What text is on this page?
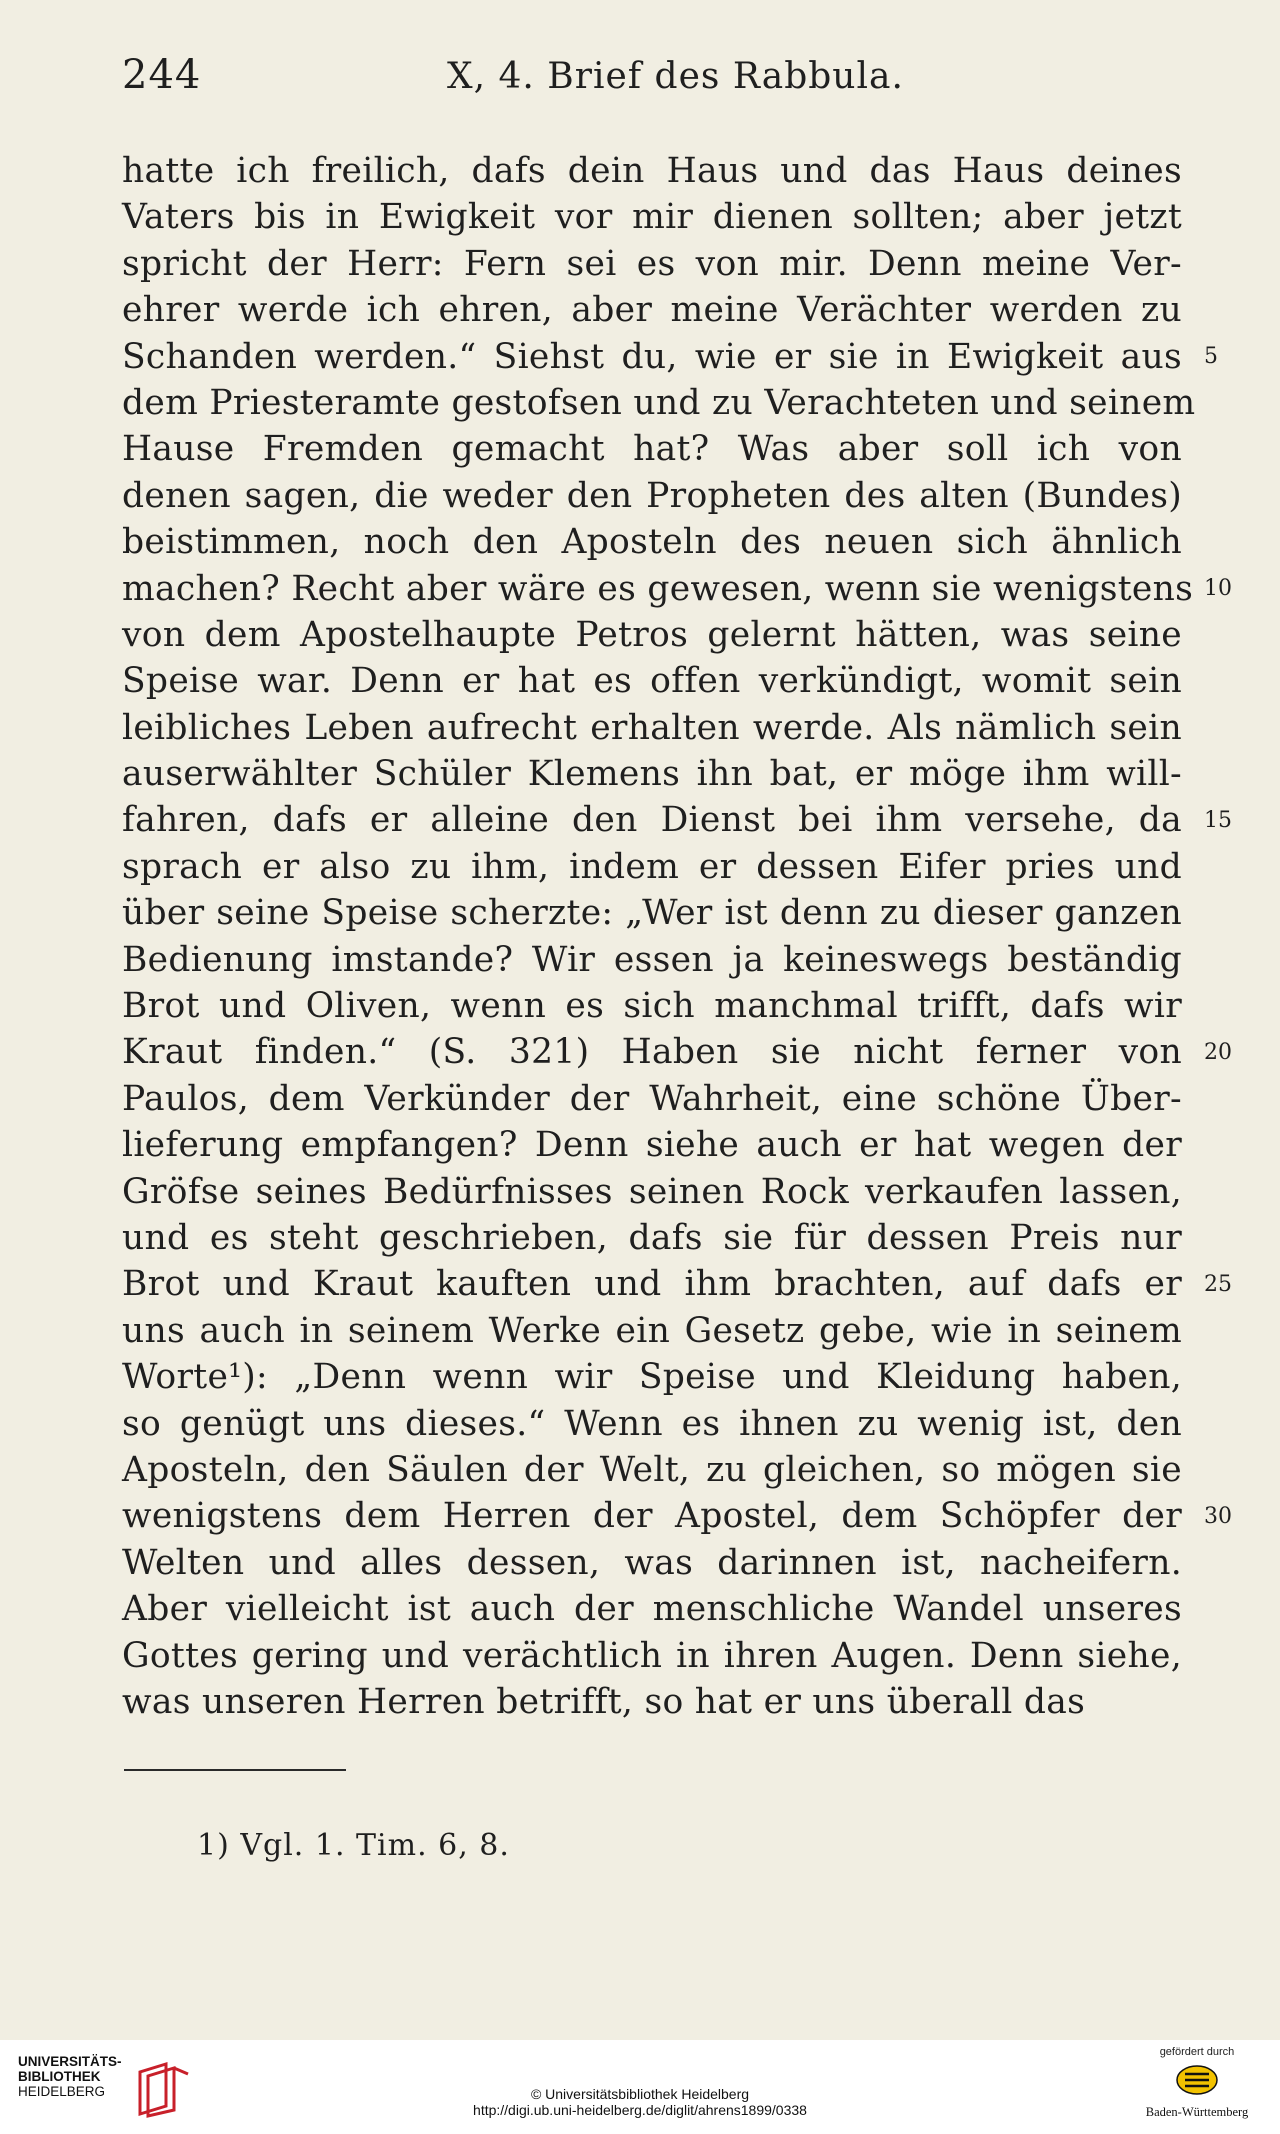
244	X, 4. Brief des Rabbula.
hatte ich freilich, dafs dein Haus und das Haus deines
Vaters bis in Ewigkeit vor mir dienen sollten; aber jetzt
spricht der Herr: Fern sei es von mir. Denn meine Ver-
ehrer werde ich ehren, aber meine Verächter werden zu
Schanden werden.“ Siehst du, wie er sie in Ewigkeit aus
dem Priesteramte gestofsen und zu Verachteten und seinem
Hause Fremden gemacht hat? Was aber soll ich von
denen sagen, die weder den Propheten des alten (Bundes)
beistimmen, noch den Aposteln des neuen sich ähnlich
machen? Recht aber wäre es gewesen, wenn sie wenigstens
von dem Apostelhaupte Petros gelernt hätten, was seine
Speise war. Denn er hat es offen verkündigt, womit sein
leibliches Leben aufrecht erhalten werde. Als nämlich sein
auserwählter Schüler Klemens ihn bat, er möge ihm will-
fahren, dafs er alleine den Dienst bei ihm versehe, da
sprach er also zu ihm, indem er dessen Eifer pries und
über seine Speise scherzte: „Wer ist denn zu dieser ganzen
Bedienung imstande? Wir essen ja keineswegs beständig
Brot und Oliven, wenn es sich manchmal trifft, dafs wir
Kraut finden.“ (S. 321) Haben sie nicht ferner von
Paulos, dem Verkünder der Wahrheit, eine schöne Über-
lieferung empfangen? Denn siehe auch er hat wegen der
Gröfse seines Bedürfnisses seinen Rock verkaufen lassen,
und es steht geschrieben, dafs sie für dessen Preis nur
Brot und Kraut kauften und ihm brachten, auf dafs er
uns auch in seinem Werke ein Gesetz gebe, wie in seinem
Worte¹): „Denn wenn wir Speise und Kleidung haben,
so genügt uns dieses.“ Wenn es ihnen zu wenig ist, den
Aposteln, den Säulen der Welt, zu gleichen, so mögen sie
wenigstens dem Herren der Apostel, dem Schöpfer der
Welten und alles dessen, was darinnen ist, nacheifern.
Aber vielleicht ist auch der menschliche Wandel unseres
Gottes gering und verächtlich in ihren Augen. Denn siehe,
was unseren Herren betrifft, so hat er uns überall das
5
10
15
20
25
30
1) Vgl. 1. Tim. 6, 8.
UNIVERSITÄTS-
BIBLIOTHEK
HEIDELBERG	© Universitätsbibliothek Heidelberg
http://digi.ub.uni-heidelberg.de/diglit/ahrens1899/0338
gefördert durch
Baden-Württemberg
